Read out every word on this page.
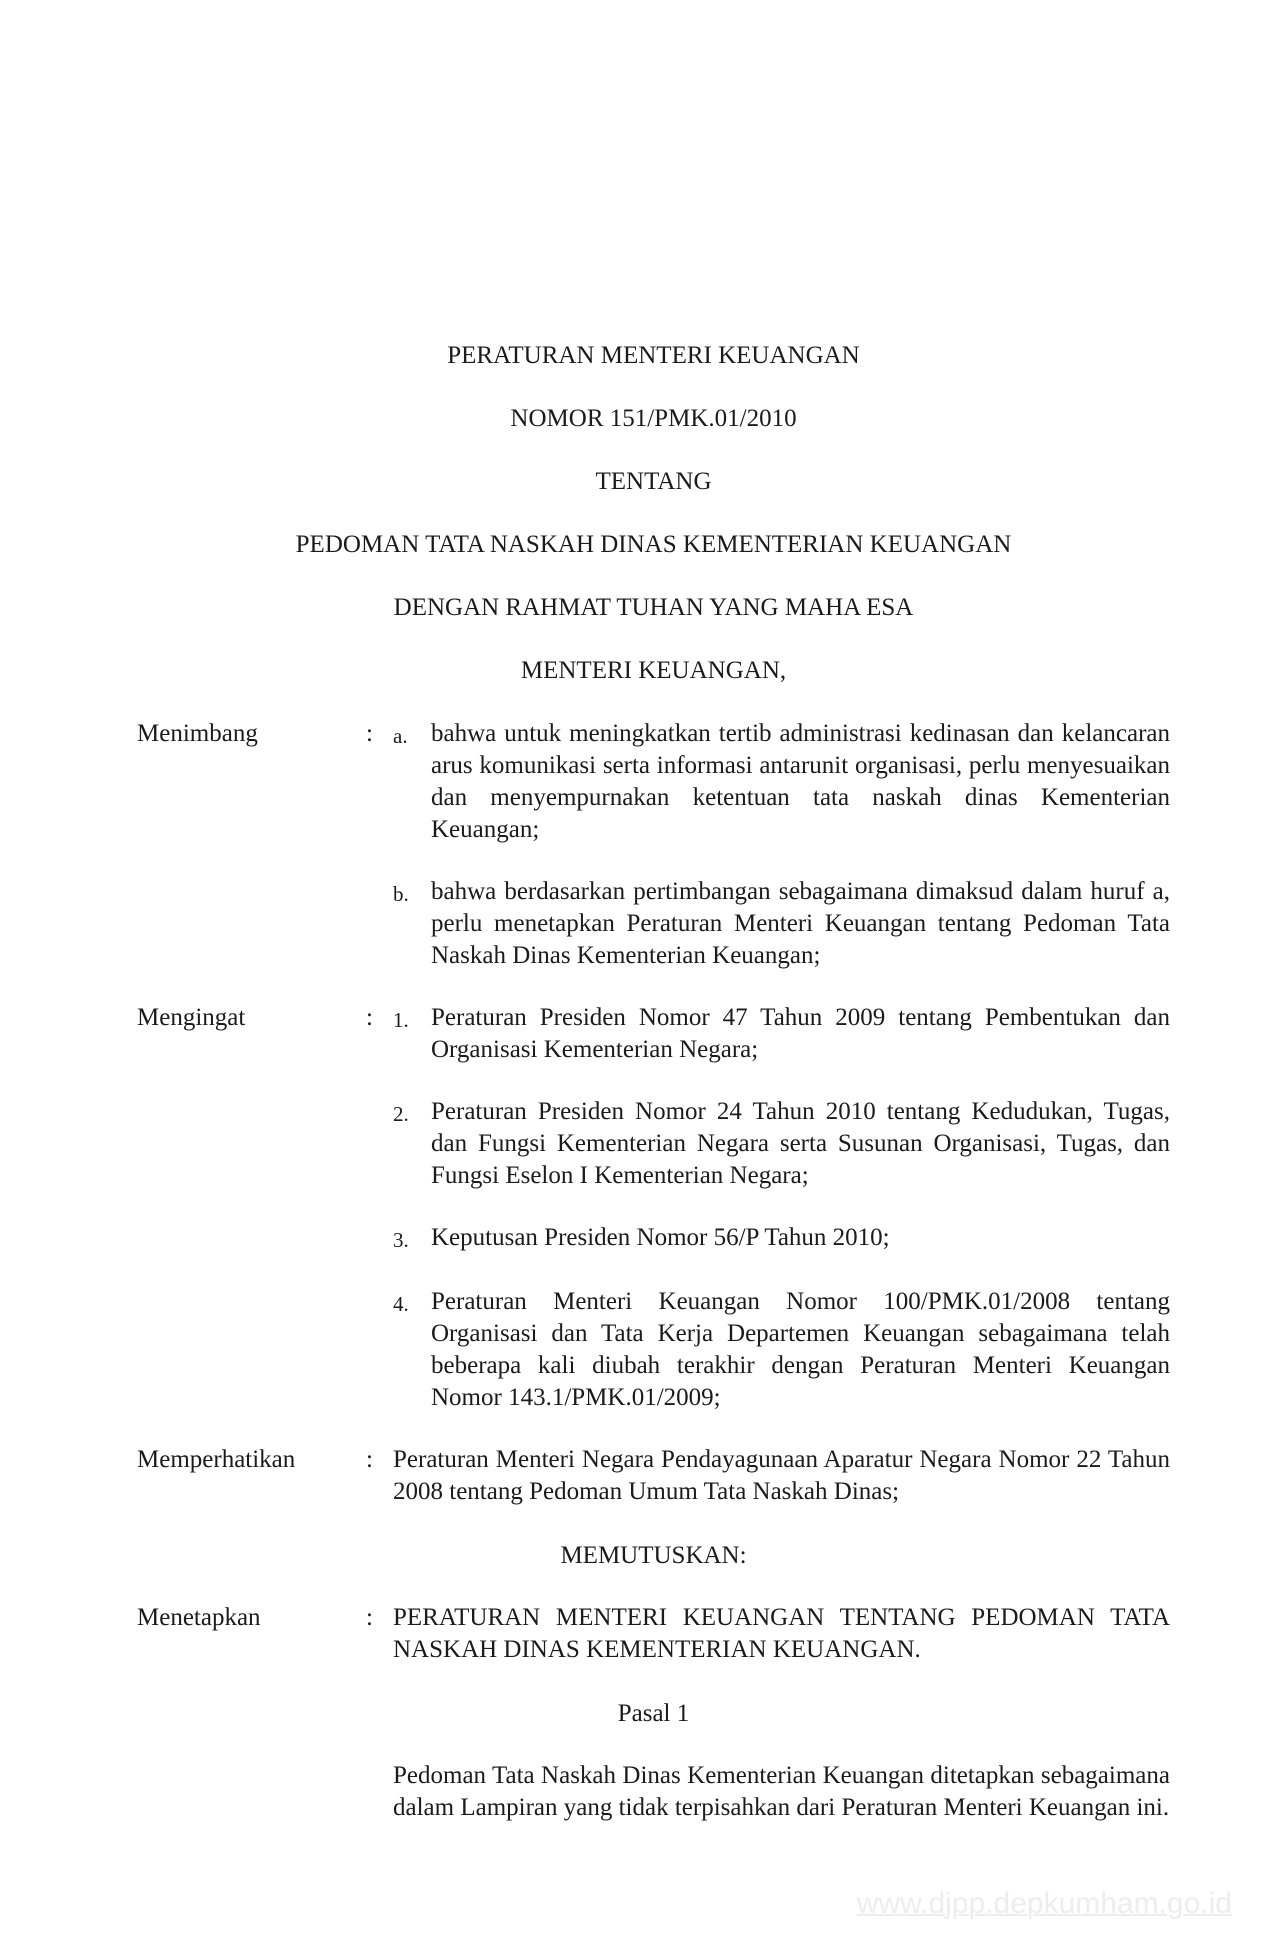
PERATURAN MENTERI KEUANGAN
NOMOR 151/PMK.01/2010
TENTANG
PEDOMAN TATA NASKAH DINAS KEMENTERIAN KEUANGAN
DENGAN RAHMAT TUHAN YANG MAHA ESA
MENTERI KEUANGAN,
Menimbang	: a. bahwa untuk meningkatkan tertib administrasi kedinasan dan kelancaran arus komunikasi serta informasi antarunit organisasi, perlu menyesuaikan dan menyempurnakan ketentuan tata naskah dinas Kementerian Keuangan;
b. bahwa berdasarkan pertimbangan sebagaimana dimaksud dalam huruf a, perlu menetapkan Peraturan Menteri Keuangan tentang Pedoman Tata Naskah Dinas Kementerian Keuangan;
Mengingat	: 1. Peraturan Presiden Nomor 47 Tahun 2009 tentang Pembentukan dan Organisasi Kementerian Negara;
2. Peraturan Presiden Nomor 24 Tahun 2010 tentang Kedudukan, Tugas, dan Fungsi Kementerian Negara serta Susunan Organisasi, Tugas, dan Fungsi Eselon I Kementerian Negara;
3. Keputusan Presiden Nomor 56/P Tahun 2010;
4. Peraturan Menteri Keuangan Nomor 100/PMK.01/2008 tentang Organisasi dan Tata Kerja Departemen Keuangan sebagaimana telah beberapa kali diubah terakhir dengan Peraturan Menteri Keuangan Nomor 143.1/PMK.01/2009;
Memperhatikan	: Peraturan Menteri Negara Pendayagunaan Aparatur Negara Nomor 22 Tahun 2008 tentang Pedoman Umum Tata Naskah Dinas;
MEMUTUSKAN:
Menetapkan	: PERATURAN MENTERI KEUANGAN TENTANG PEDOMAN TATA NASKAH DINAS KEMENTERIAN KEUANGAN.
Pasal 1
Pedoman Tata Naskah Dinas Kementerian Keuangan ditetapkan sebagaimana dalam Lampiran yang tidak terpisahkan dari Peraturan Menteri Keuangan ini.
www.djpp.depkumham.go.id
